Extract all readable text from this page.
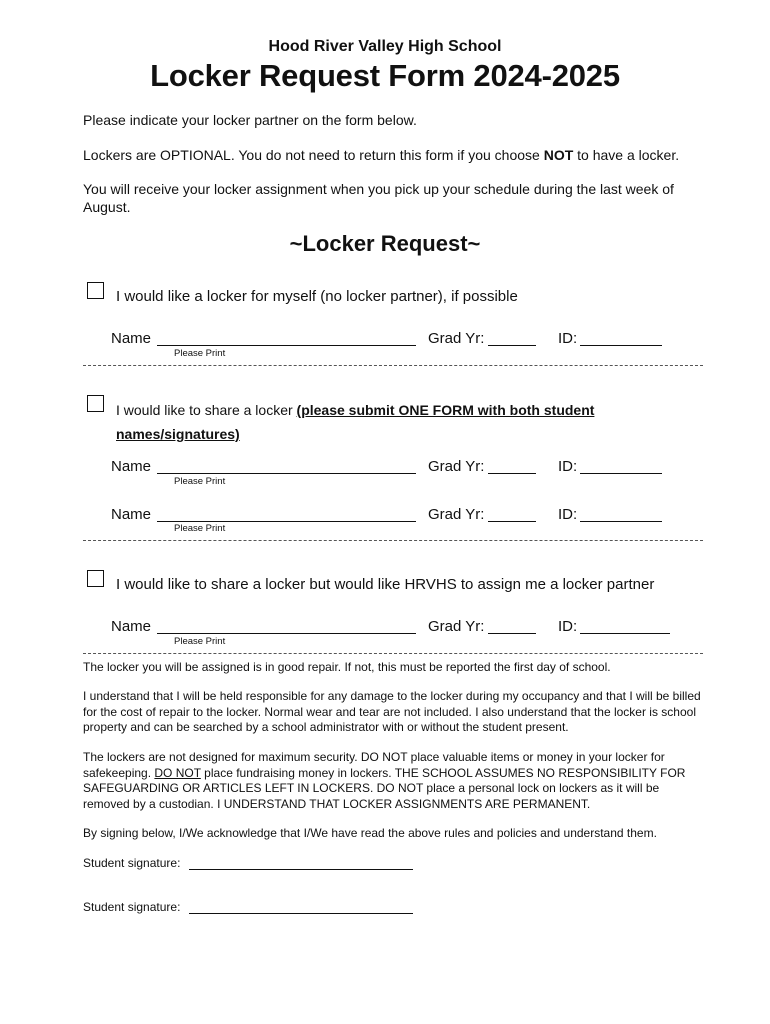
Hood River Valley High School
Locker Request Form 2024-2025
Please indicate your locker partner on the form below.
Lockers are OPTIONAL. You do not need to return this form if you choose NOT to have a locker.
You will receive your locker assignment when you pick up your schedule during the last week of August.
~Locker Request~
I would like a locker for myself (no locker partner), if possible
Name
Please Print
Grad Yr:	ID:
I would like to share a locker (please submit ONE FORM with both student
names/signatures)
Name
Please Print
Grad Yr:	ID:
Name
Please Print
Grad Yr:	ID:
I would like to share a locker but would like HRVHS to assign me a locker partner
Name
Please Print
Grad Yr:	ID:
The locker you will be assigned is in good repair. If not, this must be reported the first day of school.
I understand that I will be held responsible for any damage to the locker during my occupancy and that I will be billed for the cost of repair to the locker. Normal wear and tear are not included. I also understand that the locker is school property and can be searched by a school administrator with or without the student present.
The lockers are not designed for maximum security. DO NOT place valuable items or money in your locker for safekeeping. DO NOT place fundraising money in lockers. THE SCHOOL ASSUMES NO RESPONSIBILITY FOR SAFEGUARDING OR ARTICLES LEFT IN LOCKERS. DO NOT place a personal lock on lockers as it will be removed by a custodian. I UNDERSTAND THAT LOCKER ASSIGNMENTS ARE PERMANENT.
By signing below, I/We acknowledge that I/We have read the above rules and policies and understand them.
Student signature:
Student signature:
